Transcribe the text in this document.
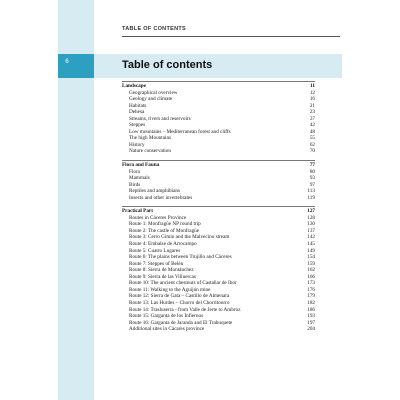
6
TABLE OF CONTENTS
Table of contents
Landscape	11
Geographical overview	12
Geology and climate	16
Habitats	21
Dehesa	23
Streams, rivers and reservoirs	37
Steppes	42
Low mountains – Mediterranean forest and cliffs	48
The high Mountains	55
History	62
Nature conservation	70
Flora and Fauna	77
Flora	80
Mammals	93
Birds	97
Reptiles and amphibians	113
Insects and other invertebrates	119
Practical Part	127
Routes in Cáceres Province	128
Route 1: Monfragüe NP round trip	130
Route 2: The castle of Monfragüe	137
Route 3: Cerro Gimio and the Malvecino stream	142
Route 4: Embalse de Arrocampo	145
Route 5: Cuatro Lugares	149
Route 6: The plains between Trujillo and Cáceres	154
Route 7: Steppes of Belén	159
Route 8: Sierra de Montánchez	162
Route 9: Sierra de las Villuercas	166
Route 10: The ancient chestnuts of Castañar de Ibor	173
Route 11: Walking to the Aguijón mine	176
Route 12: Sierra de Gata – Castillo de Almenara	179
Route 13: Las Hurdes – Chorro del Chorritoorro	182
Route 14: Trasluserra - from Valle de Jerte to Ambroz	186
Route 15: Garganta de los Infiernos	193
Route 16: Garganta de Jaranda and El Trabuquete	197
Additional sites in Cácares province	204
